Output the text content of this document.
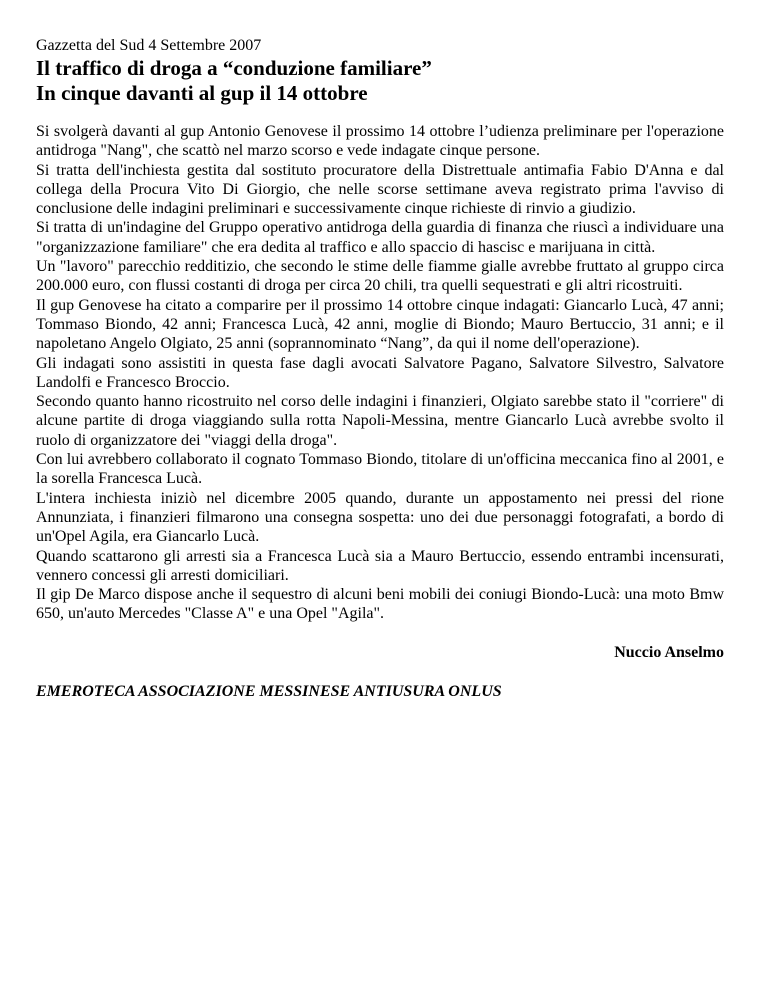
Gazzetta del Sud 4 Settembre 2007

Il traffico di droga a “conduzione familiare”
In cinque davanti al gup il 14 ottobre

Si svolgerà davanti al gup Antonio Genovese il prossimo 14 ottobre l’udienza preliminare per l'operazione antidroga "Nang", che scattò nel marzo scorso e vede indagate cinque persone.

Si tratta dell'inchiesta gestita dal sostituto procuratore della Distrettuale antimafia Fabio D'Anna e dal collega della Procura Vito Di Giorgio, che nelle scorse settimane aveva registrato prima l'avviso di conclusione delle indagini preliminari e successivamente cinque richieste di rinvio a giudizio.

Si tratta di un'indagine del Gruppo operativo antidroga della guardia di finanza che riuscì a individuare una "organizzazione familiare" che era dedita al traffico e allo spaccio di hascisc e marijuana in città.

Un "lavoro" parecchio redditizio, che secondo le stime delle fiamme gialle avrebbe fruttato al gruppo circa 200.000 euro, con flussi costanti di droga per circa 20 chili, tra quelli sequestrati e gli altri ricostruiti.

Il gup Genovese ha citato a comparire per il prossimo 14 ottobre cinque indagati: Giancarlo Lucà, 47 anni; Tommaso Biondo, 42 anni; Francesca Lucà, 42 anni, moglie di Biondo; Mauro Bertuccio, 31 anni; e il napoletano Angelo Olgiato, 25 anni (soprannominato “Nang”, da qui il nome dell'operazione).

Gli indagati sono assistiti in questa fase dagli avocati Salvatore Pagano, Salvatore Silvestro, Salvatore Landolfi e Francesco Broccio.

Secondo quanto hanno ricostruito nel corso delle indagini i finanzieri, Olgiato sarebbe stato il "corriere" di alcune partite di droga viaggiando sulla rotta Napoli-Messina, mentre Giancarlo Lucà avrebbe svolto il ruolo di organizzatore dei "viaggi della droga".

Con lui avrebbero collaborato il cognato Tommaso Biondo, titolare di un'officina meccanica fino al 2001, e la sorella Francesca Lucà.

L'intera inchiesta iniziò nel dicembre 2005 quando, durante un appostamento nei pressi del rione Annunziata, i finanzieri filmarono una consegna sospetta: uno dei due personaggi fotografati, a bordo di un'Opel Agila, era Giancarlo Lucà.

Quando scattarono gli arresti sia a Francesca Lucà sia a Mauro Bertuccio, essendo entrambi incensurati, vennero concessi gli arresti domiciliari.

Il gip De Marco dispose anche il sequestro di alcuni beni mobili dei coniugi Biondo-Lucà: una moto Bmw 650, un'auto Mercedes "Classe A" e una Opel "Agila".

Nuccio Anselmo
EMEROTECA ASSOCIAZIONE MESSINESE ANTIUSURA ONLUS
